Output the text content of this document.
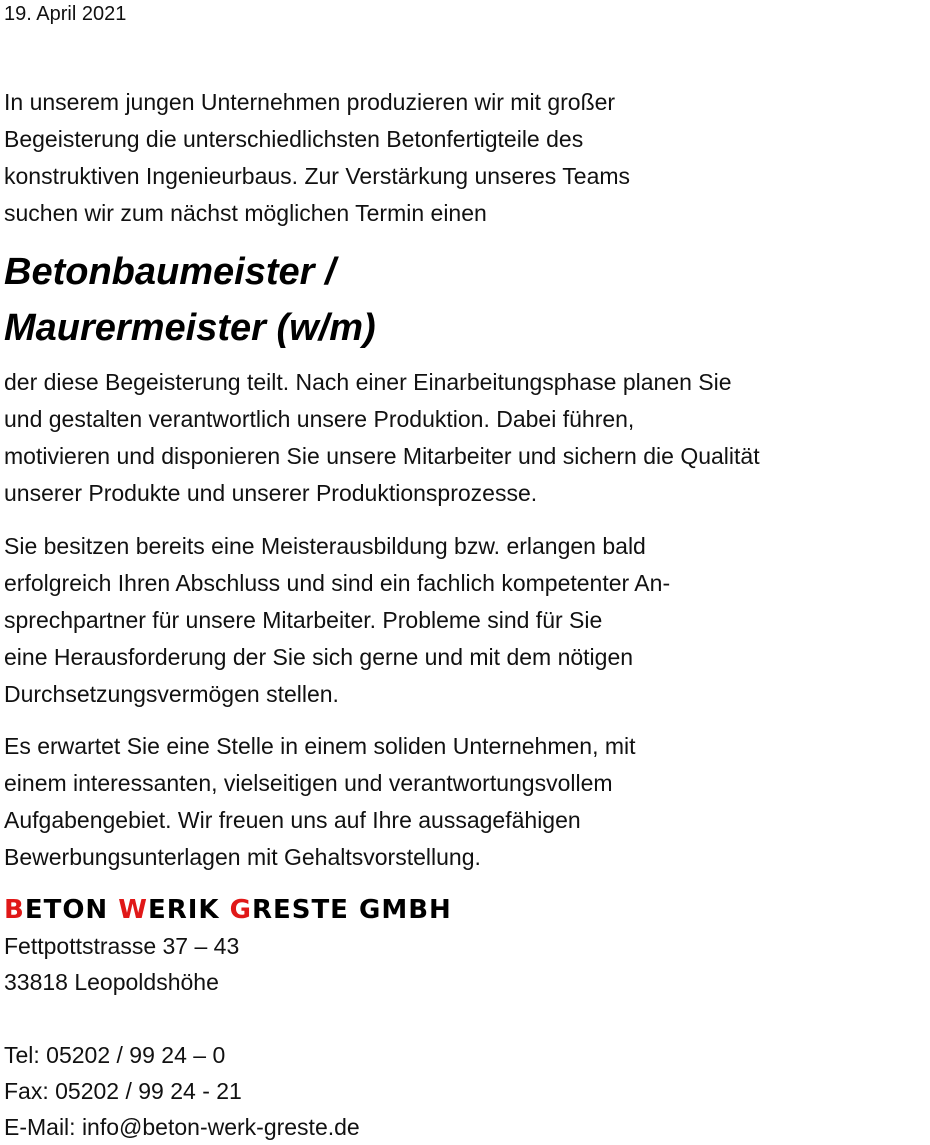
19. April 2021

In unserem jungen Unternehmen produzieren wir mit großer
Begeisterung die unterschiedlichsten Betonfertigteile des
konstruktiven Ingenieurbaus. Zur Verstärkung unseres Teams
suchen wir zum nächst möglichen Termin einen

Betonbaumeister /
Maurermeister (w/m)

der diese Begeisterung teilt. Nach einer Einarbeitungsphase planen Sie
und gestalten verantwortlich unsere Produktion. Dabei führen,
motivieren und disponieren Sie unsere Mitarbeiter und sichern die Qualität
unserer Produkte und unserer Produktionsprozesse.

Sie besitzen bereits eine Meisterausbildung bzw. erlangen bald
erfolgreich Ihren Abschluss und sind ein fachlich kompetenter An-
sprechpartner für unsere Mitarbeiter. Probleme sind für Sie
eine Herausforderung der Sie sich gerne und mit dem nötigen
Durchsetzungsvermögen stellen.

Es erwartet Sie eine Stelle in einem soliden Unternehmen, mit
einem interessanten, vielseitigen und verantwortungsvollem
Aufgabengebiet. Wir freuen uns auf Ihre aussagefähigen
Bewerbungsunterlagen mit Gehaltsvorstellung.

BETON WERIK GRESTE GMBH
Fettpottstrasse 37 – 43
33818 Leopoldshöhe
Tel: 05202 / 99 24 – 0
Fax: 05202 / 99 24 - 21
E-Mail: info@beton-werk-greste.de
